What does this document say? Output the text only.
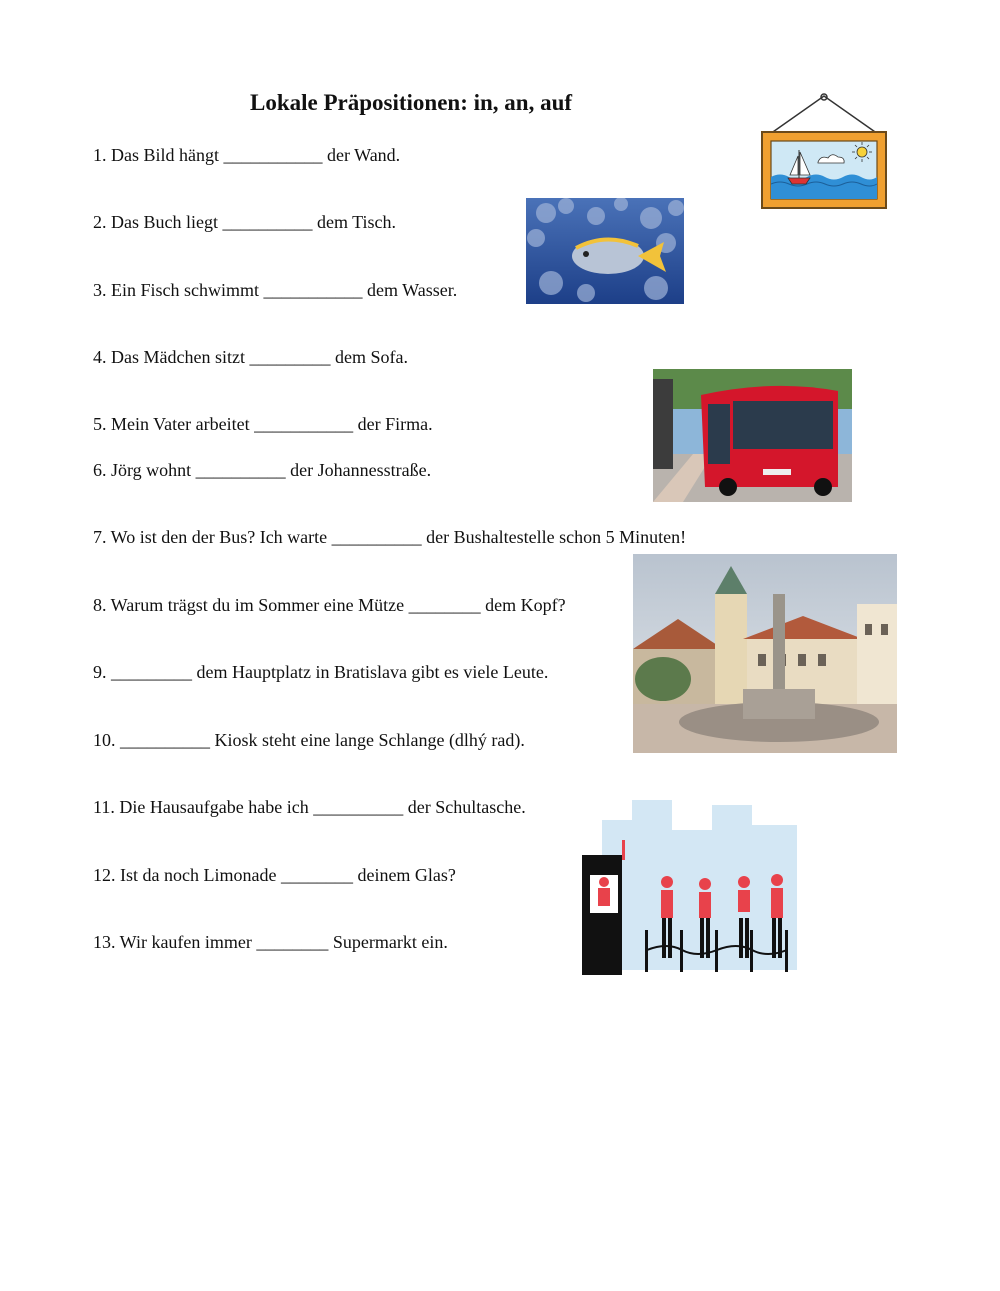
Lokale Präpositionen: in, an, auf
1. Das Bild hängt ___________ der Wand.
2. Das Buch liegt __________ dem Tisch.
3. Ein Fisch schwimmt ___________ dem Wasser.
4. Das Mädchen sitzt _________ dem Sofa.
5. Mein Vater arbeitet ___________ der Firma.
6. Jörg wohnt __________ der Johannesstraße.
7. Wo ist den der Bus? Ich warte __________ der Bushaltestelle schon 5 Minuten!
8. Warum trägst du im Sommer eine Mütze ________ dem Kopf?
9. _________ dem Hauptplatz in Bratislava gibt es viele Leute.
10. __________ Kiosk steht eine lange Schlange (dlhý rad).
11. Die Hausaufgabe habe ich __________ der Schultasche.
12. Ist da noch Limonade ________ deinem Glas?
13. Wir kaufen immer ________ Supermarkt ein.
